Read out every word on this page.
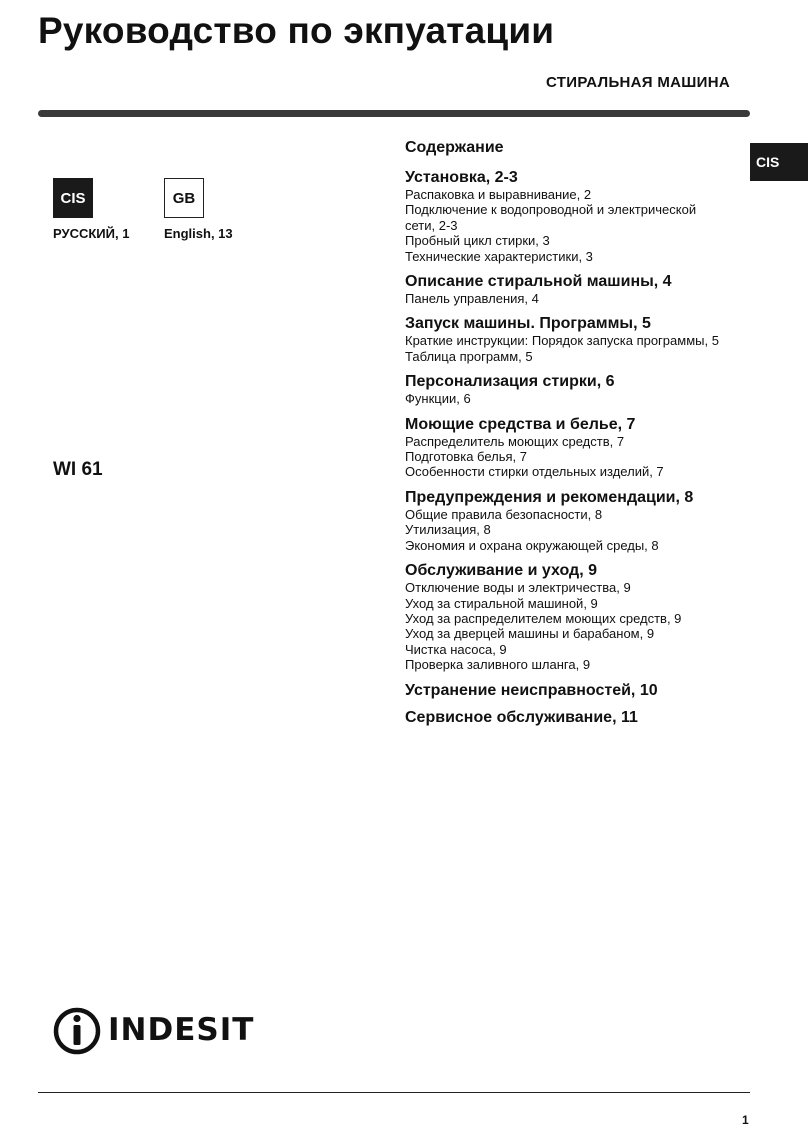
Руководство по экпуатации
СТИРАЛЬНАЯ МАШИНА
CIS
CIS	GB
РУССКИЙ, 1	English, 13
WI 61
Содержание
Установка, 2-3
Распаковка и выравнивание, 2
Подключение к водопроводной и электрической
сети, 2-3
Пробный цикл стирки, 3
Технические характеристики, 3
Описание стиральной машины, 4
Панель управления, 4
Запуск машины. Программы, 5
Краткие инструкции: Порядок запуска программы, 5
Таблица программ, 5
Персонализация стирки, 6
Функции, 6
Моющие средства и белье, 7
Распределитель моющих средств, 7
Подготовка белья, 7
Особенности стирки отдельных изделий, 7
Предупреждения и рекомендации, 8
Общие правила безопасности, 8
Утилизация, 8
Экономия и охрана окружающей среды, 8
Обслуживание и уход, 9
Отключение воды и электричества, 9
Уход за стиральной машиной, 9
Уход за распределителем моющих средств, 9
Уход за дверцей машины и барабаном, 9
Чистка насоса, 9
Проверка заливного шланга, 9
Устранение неисправностей, 10
Сервисное обслуживание, 11
INDESIT
1
